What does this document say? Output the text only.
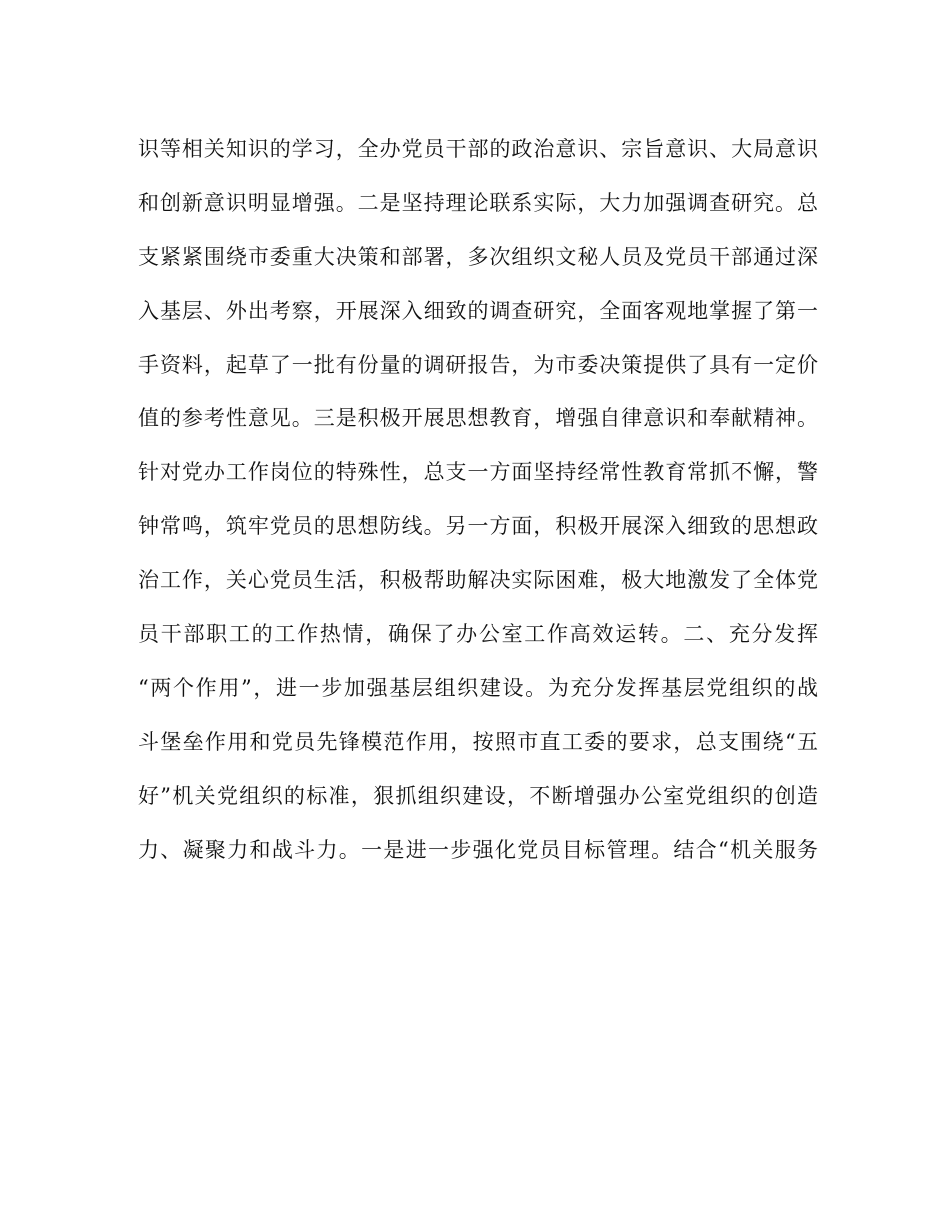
识等相关知识的学习，全办党员干部的政治意识、宗旨意识、大局意识
和创新意识明显增强。二是坚持理论联系实际，大力加强调查研究。总
支紧紧围绕市委重大决策和部署，多次组织文秘人员及党员干部通过深
入基层、外出考察，开展深入细致的调查研究，全面客观地掌握了第一
手资料，起草了一批有份量的调研报告，为市委决策提供了具有一定价
值的参考性意见。三是积极开展思想教育，增强自律意识和奉献精神。
针对党办工作岗位的特殊性，总支一方面坚持经常性教育常抓不懈，警
钟常鸣，筑牢党员的思想防线。另一方面，积极开展深入细致的思想政
治工作，关心党员生活，积极帮助解决实际困难，极大地激发了全体党
员干部职工的工作热情，确保了办公室工作高效运转。二、充分发挥
“两个作用”，进一步加强基层组织建设。为充分发挥基层党组织的战
斗堡垒作用和党员先锋模范作用，按照市直工委的要求，总支围绕“五
好”机关党组织的标准，狠抓组织建设，不断增强办公室党组织的创造
力、凝聚力和战斗力。一是进一步强化党员目标管理。结合“机关服务
